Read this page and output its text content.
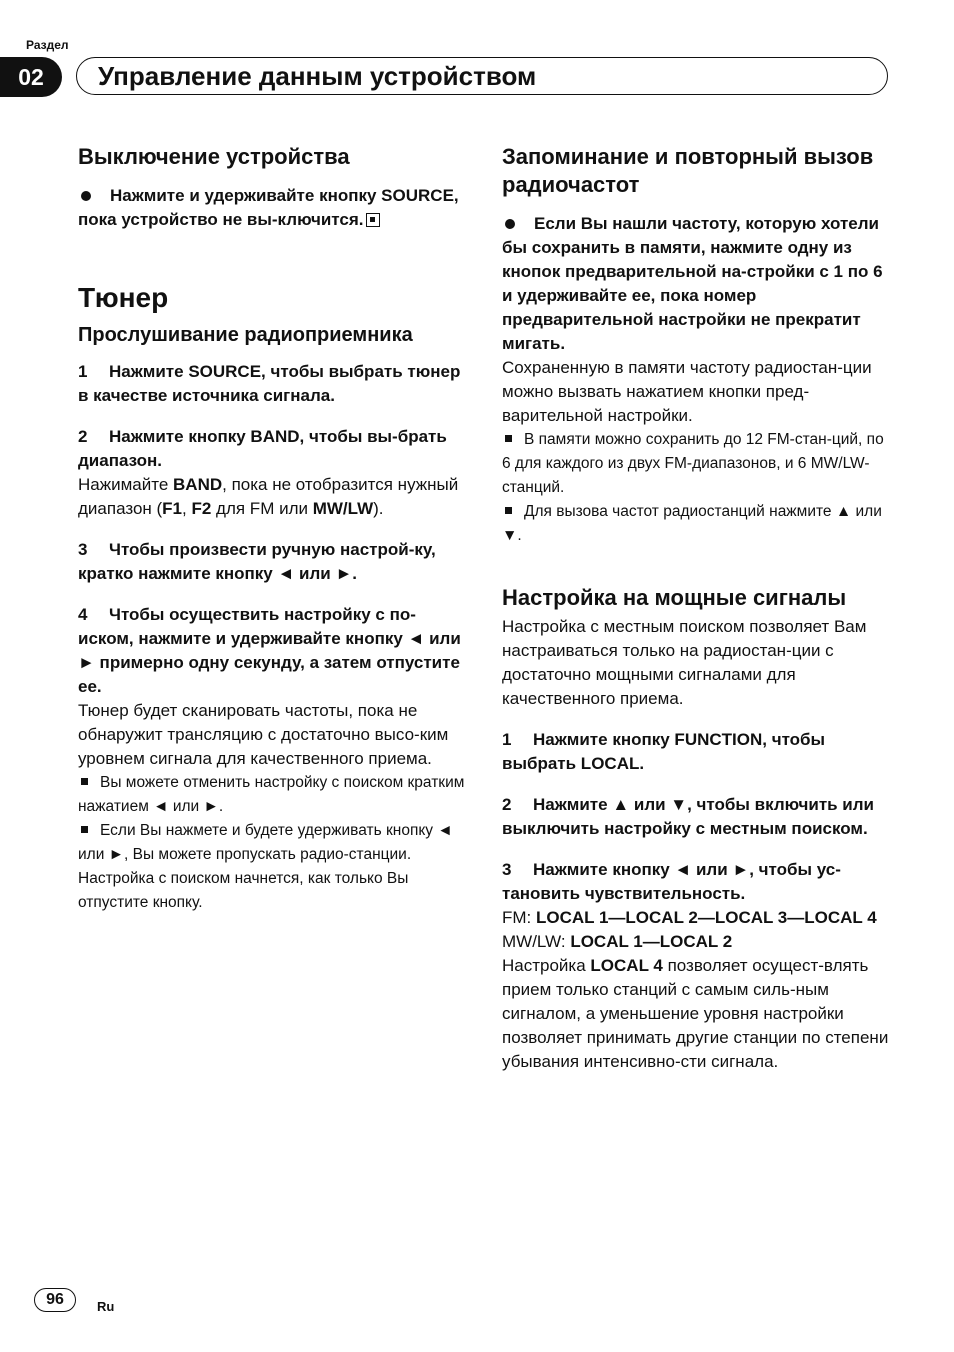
Раздел
02	Управление данным устройством
Выключение устройства
Нажмите и удерживайте кнопку SOURCE, пока устройство не вы-ключится.
Тюнер
Прослушивание радиоприемника

1 Нажмите SOURCE, чтобы выбрать тюнер в качестве источника сигнала.

2 Нажмите кнопку BAND, чтобы вы-брать диапазон.

Нажимайте BAND, пока не отобразится нужный диапазон (F1, F2 для FM или MW/LW).

3 Чтобы произвести ручную настрой-ку, кратко нажмите кнопку ◄ или ►.

4 Чтобы осуществить настройку с по-иском, нажмите и удерживайте кнопку ◄ или ► примерно одну секунду, а затем отпустите ее.

Тюнер будет сканировать частоты, пока не обнаружит трансляцию с достаточно высо-ким уровнем сигнала для качественного приема.

Вы можете отменить настройку с поиском кратким нажатием ◄ или ►.

Если Вы нажмете и будете удерживать кнопку ◄ или ►, Вы можете пропускать радио-станции. Настройка с поиском начнется, как только Вы отпустите кнопку.

Запоминание и повторный вызов радиочастот
Если Вы нашли частоту, которую хотели бы сохранить в памяти, нажмите одну из кнопок предварительной на-стройки с 1 по 6 и удерживайте ее, пока номер предварительной настройки не прекратит мигать.

Сохраненную в памяти частоту радиостан-ции можно вызвать нажатием кнопки пред-варительной настройки.

В памяти можно сохранить до 12 FM-стан-ций, по 6 для каждого из двух FM-диапазонов, и 6 MW/LW-станций.

Для вызова частот радиостанций нажмите ▲ или ▼.

Настройка на мощные сигналы

Настройка с местным поиском позволяет Вам настраиваться только на радиостан-ции с достаточно мощными сигналами для качественного приема.

1 Нажмите кнопку FUNCTION, чтобы выбрать LOCAL.

2 Нажмите ▲ или ▼, чтобы включить или выключить настройку с местным поиском.

3 Нажмите кнопку ◄ или ►, чтобы ус-тановить чувствительность.

FM: LOCAL 1—LOCAL 2—LOCAL 3—LOCAL 4

MW/LW: LOCAL 1—LOCAL 2

Настройка LOCAL 4 позволяет осущест-влять прием только станций с самым силь-ным сигналом, а уменьшение уровня настройки позволяет принимать другие станции по степени убывания интенсивно-сти сигнала.

96	Ru
